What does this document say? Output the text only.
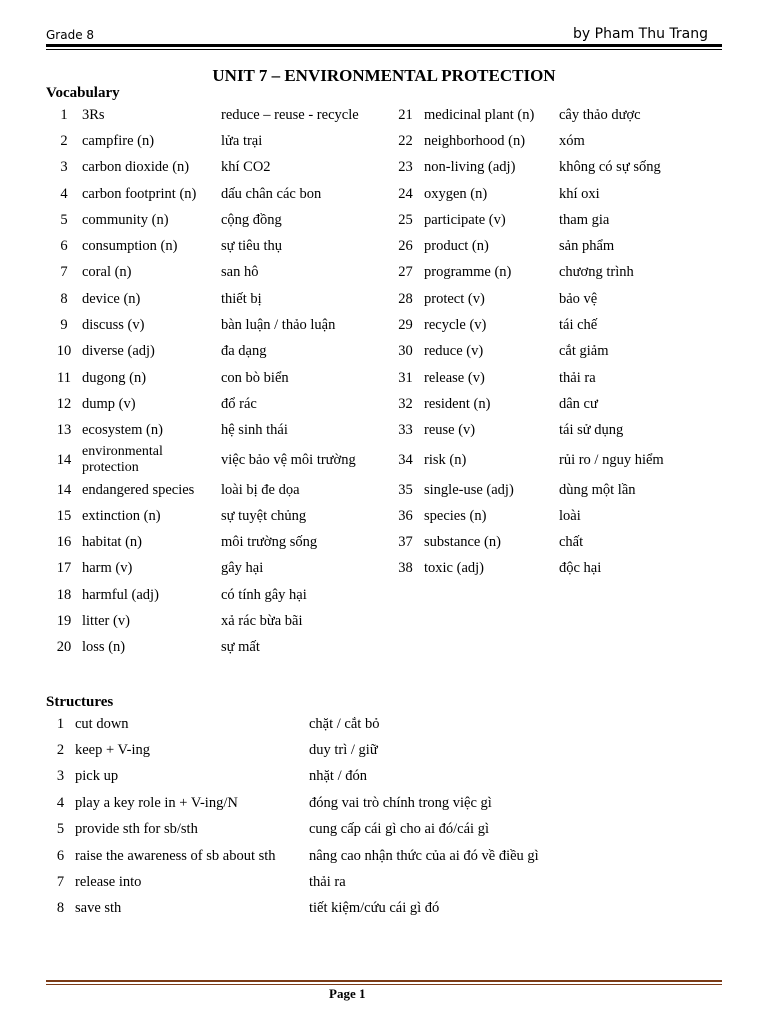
Grade 8	by Pham Thu Trang
UNIT 7 – ENVIRONMENTAL PROTECTION
Vocabulary
1	3Rs	reduce – reuse - recycle	21	medicinal plant (n)	cây thảo dược
2	campfire (n)	lửa trại	22	neighborhood (n)	xóm
3	carbon dioxide (n)	khí CO2	23	non-living (adj)	không có sự sống
4	carbon footprint (n)	dấu chân các bon	24	oxygen (n)	khí oxi
5	community (n)	cộng đồng	25	participate (v)	tham gia
6	consumption (n)	sự tiêu thụ	26	product (n)	sản phẩm
7	coral (n)	san hô	27	programme (n)	chương trình
8	device (n)	thiết bị	28	protect (v)	bảo vệ
9	discuss (v)	bàn luận / thảo luận	29	recycle (v)	tái chế
10	diverse (adj)	đa dạng	30	reduce (v)	cắt giảm
11	dugong (n)	con bò biển	31	release (v)	thải ra
12	dump (v)	đổ rác	32	resident (n)	dân cư
13	ecosystem (n)	hệ sinh thái	33	reuse (v)	tái sử dụng
14	environmental protection	việc bảo vệ môi trường	34	risk (n)	rủi ro / nguy hiểm
14	endangered species	loài bị đe dọa	35	single-use (adj)	dùng một lần
15	extinction (n)	sự tuyệt chủng	36	species (n)	loài
16	habitat (n)	môi trường sống	37	substance (n)	chất
17	harm (v)	gây hại	38	toxic (adj)	độc hại
18	harmful (adj)	có tính gây hại			
19	litter (v)	xả rác bừa bãi			
20	loss (n)	sự mất			
Structures
1	cut down	chặt / cắt bỏ
2	keep + V-ing	duy trì / giữ
3	pick up	nhặt / đón
4	play a key role in + V-ing/N	đóng vai trò chính trong việc gì
5	provide sth for sb/sth	cung cấp cái gì cho ai đó/cái gì
6	raise the awareness of sb about sth	nâng cao nhận thức của ai đó về điều gì
7	release into	thải ra
8	save sth	tiết kiệm/cứu cái gì đó
Page 1
